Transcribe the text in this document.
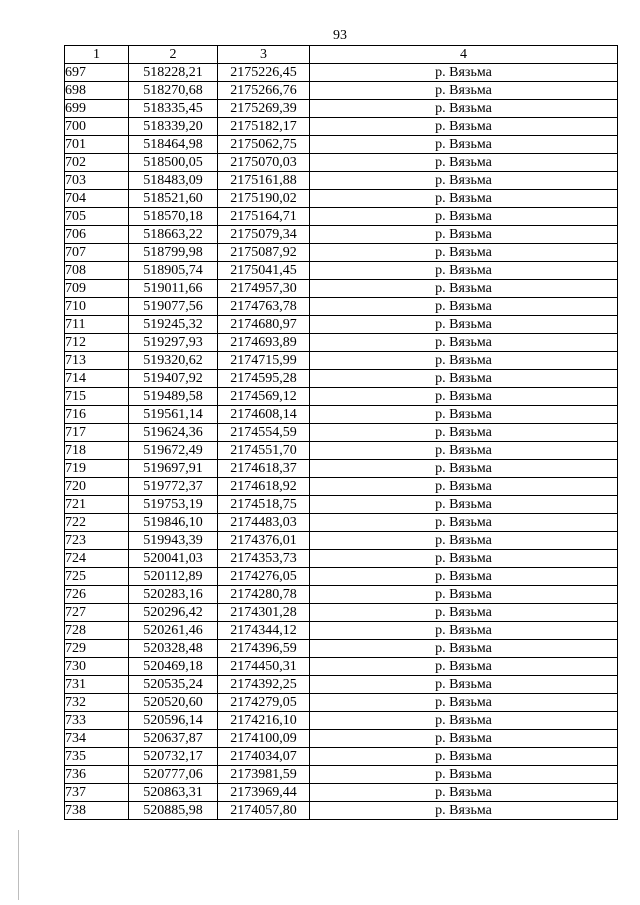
93
1	2	3	4
697	518228,21	2175226,45	р. Вязьма
698	518270,68	2175266,76	р. Вязьма
699	518335,45	2175269,39	р. Вязьма
700	518339,20	2175182,17	р. Вязьма
701	518464,98	2175062,75	р. Вязьма
702	518500,05	2175070,03	р. Вязьма
703	518483,09	2175161,88	р. Вязьма
704	518521,60	2175190,02	р. Вязьма
705	518570,18	2175164,71	р. Вязьма
706	518663,22	2175079,34	р. Вязьма
707	518799,98	2175087,92	р. Вязьма
708	518905,74	2175041,45	р. Вязьма
709	519011,66	2174957,30	р. Вязьма
710	519077,56	2174763,78	р. Вязьма
711	519245,32	2174680,97	р. Вязьма
712	519297,93	2174693,89	р. Вязьма
713	519320,62	2174715,99	р. Вязьма
714	519407,92	2174595,28	р. Вязьма
715	519489,58	2174569,12	р. Вязьма
716	519561,14	2174608,14	р. Вязьма
717	519624,36	2174554,59	р. Вязьма
718	519672,49	2174551,70	р. Вязьма
719	519697,91	2174618,37	р. Вязьма
720	519772,37	2174618,92	р. Вязьма
721	519753,19	2174518,75	р. Вязьма
722	519846,10	2174483,03	р. Вязьма
723	519943,39	2174376,01	р. Вязьма
724	520041,03	2174353,73	р. Вязьма
725	520112,89	2174276,05	р. Вязьма
726	520283,16	2174280,78	р. Вязьма
727	520296,42	2174301,28	р. Вязьма
728	520261,46	2174344,12	р. Вязьма
729	520328,48	2174396,59	р. Вязьма
730	520469,18	2174450,31	р. Вязьма
731	520535,24	2174392,25	р. Вязьма
732	520520,60	2174279,05	р. Вязьма
733	520596,14	2174216,10	р. Вязьма
734	520637,87	2174100,09	р. Вязьма
735	520732,17	2174034,07	р. Вязьма
736	520777,06	2173981,59	р. Вязьма
737	520863,31	2173969,44	р. Вязьма
738	520885,98	2174057,80	р. Вязьма
